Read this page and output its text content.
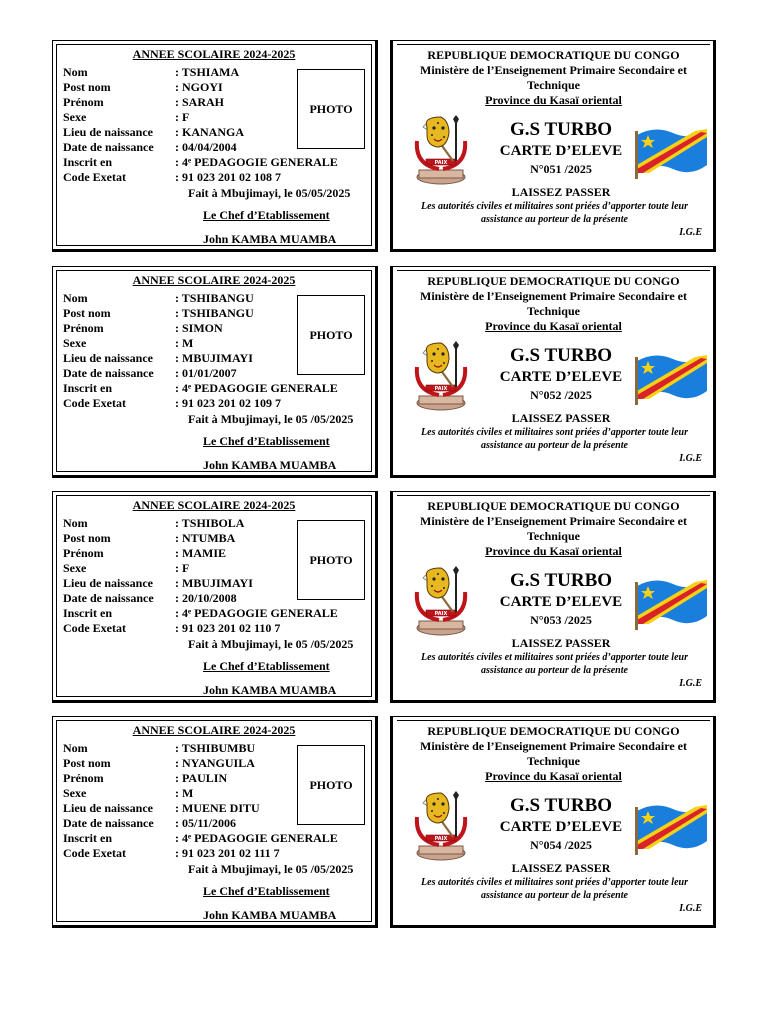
ANNEE SCOLAIRE 2024-2025
Nom	: TSHIAMA
Post nom	: NGOYI
Prénom	: SARAH
Sexe	: F
Lieu de naissance	: KANANGA
Date de naissance	: 04/04/2004
Inscrit en	: 4ᵉ PEDAGOGIE GENERALE
Code Exetat	: 91 023 201 02 108 7
PHOTO
Fait à Mbujimayi, le 05/05/2025
Le Chef d’Etablissement
John KAMBA MUAMBA
REPUBLIQUE DEMOCRATIQUE DU CONGO
Ministère de l’Enseignement Primaire Secondaire et Technique
Province du Kasaï oriental
PAIX
G.S TURBO
CARTE D’ELEVE
N°051 /2025
LAISSEZ PASSER
Les autorités civiles et militaires sont priées d’apporter toute leur assistance au porteur de la présente
I.G.E
ANNEE SCOLAIRE 2024-2025
Nom	: TSHIBANGU
Post nom	: TSHIBANGU
Prénom	: SIMON
Sexe	: M
Lieu de naissance	: MBUJIMAYI
Date de naissance	: 01/01/2007
Inscrit en	: 4ᵉ PEDAGOGIE GENERALE
Code Exetat	: 91 023 201 02 109 7
PHOTO
Fait à Mbujimayi, le 05 /05/2025
Le Chef d’Etablissement
John KAMBA MUAMBA
REPUBLIQUE DEMOCRATIQUE DU CONGO
Ministère de l’Enseignement Primaire Secondaire et Technique
Province du Kasaï oriental
PAIX
G.S TURBO
CARTE D’ELEVE
N°052 /2025
LAISSEZ PASSER
Les autorités civiles et militaires sont priées d’apporter toute leur assistance au porteur de la présente
I.G.E
ANNEE SCOLAIRE 2024-2025
Nom	: TSHIBOLA
Post nom	: NTUMBA
Prénom	: MAMIE
Sexe	: F
Lieu de naissance	: MBUJIMAYI
Date de naissance	: 20/10/2008
Inscrit en	: 4ᵉ PEDAGOGIE GENERALE
Code Exetat	: 91 023 201 02 110 7
PHOTO
Fait à Mbujimayi, le 05 /05/2025
Le Chef d’Etablissement
John KAMBA MUAMBA
REPUBLIQUE DEMOCRATIQUE DU CONGO
Ministère de l’Enseignement Primaire Secondaire et Technique
Province du Kasaï oriental
PAIX
G.S TURBO
CARTE D’ELEVE
N°053 /2025
LAISSEZ PASSER
Les autorités civiles et militaires sont priées d’apporter toute leur assistance au porteur de la présente
I.G.E
ANNEE SCOLAIRE 2024-2025
Nom	: TSHIBUMBU
Post nom	: NYANGUILA
Prénom	: PAULIN
Sexe	: M
Lieu de naissance	: MUENE DITU
Date de naissance	: 05/11/2006
Inscrit en	: 4ᵉ PEDAGOGIE GENERALE
Code Exetat	: 91 023 201 02 111 7
PHOTO
Fait à Mbujimayi, le 05 /05/2025
Le Chef d’Etablissement
John KAMBA MUAMBA
REPUBLIQUE DEMOCRATIQUE DU CONGO
Ministère de l’Enseignement Primaire Secondaire et Technique
Province du Kasaï oriental
PAIX
G.S TURBO
CARTE D’ELEVE
N°054 /2025
LAISSEZ PASSER
Les autorités civiles et militaires sont priées d’apporter toute leur assistance au porteur de la présente
I.G.E
